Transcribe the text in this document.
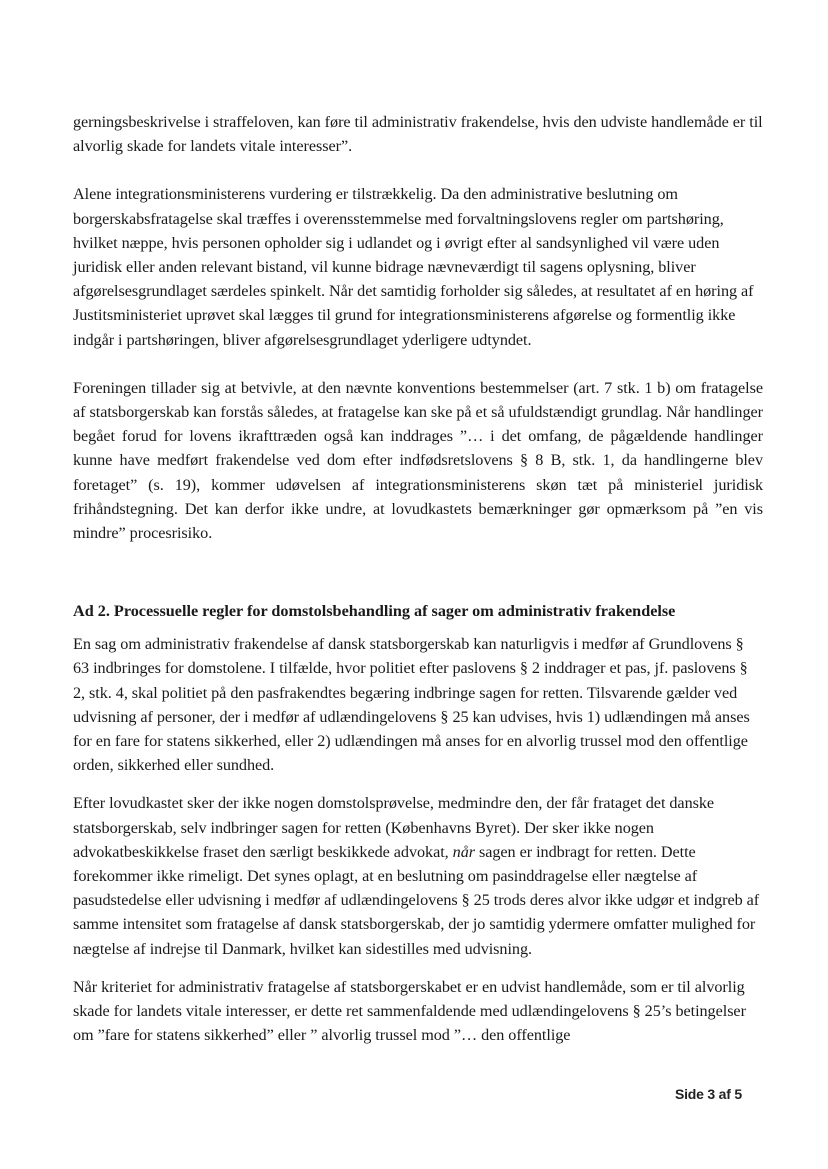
gerningsbeskrivelse i straffeloven, kan føre til administrativ frakendelse, hvis den udviste handlemåde er til alvorlig skade for landets vitale interesser”.

Alene integrationsministerens vurdering er tilstrækkelig. Da den administrative beslutning om borgerskabsfratagelse skal træffes i overensstemmelse med forvaltningslovens regler om partshøring, hvilket næppe, hvis personen opholder sig i udlandet og i øvrigt efter al sandsynlighed vil være uden juridisk eller anden relevant bistand, vil kunne bidrage nævneværdigt til sagens oplysning, bliver afgørelsesgrundlaget særdeles spinkelt. Når det samtidig forholder sig således, at resultatet af en høring af Justitsministeriet uprøvet skal lægges til grund for integrationsministerens afgørelse og formentlig ikke indgår i partshøringen, bliver afgørelsesgrundlaget yderligere udtyndet.

Foreningen tillader sig at betvivle, at den nævnte konventions bestemmelser (art. 7 stk. 1 b) om fratagelse af statsborgerskab kan forstås således, at fratagelse kan ske på et så ufuldstændigt grundlag. Når handlinger begået forud for lovens ikrafttræden også kan inddrages ”… i det omfang, de pågældende handlinger kunne have medført frakendelse ved dom efter indfødsretslovens § 8 B, stk. 1, da handlingerne blev foretaget” (s. 19), kommer udøvelsen af integrationsministerens skøn tæt på ministeriel juridisk frihåndstegning. Det kan derfor ikke undre, at lovudkastets bemærkninger gør opmærksom på ”en vis mindre” procesrisiko.

Ad 2. Processuelle regler for domstolsbehandling af sager om administrativ frakendelse

En sag om administrativ frakendelse af dansk statsborgerskab kan naturligvis i medfør af Grundlovens § 63 indbringes for domstolene. I tilfælde, hvor politiet efter paslovens § 2 inddrager et pas, jf. paslovens § 2, stk. 4, skal politiet på den pasfrakendtes begæring indbringe sagen for retten. Tilsvarende gælder ved udvisning af personer, der i medfør af udlændingelovens § 25 kan udvises, hvis 1) udlændingen må anses for en fare for statens sikkerhed, eller 2) udlændingen må anses for en alvorlig trussel mod den offentlige orden, sikkerhed eller sundhed.

Efter lovudkastet sker der ikke nogen domstolsprøvelse, medmindre den, der får frataget det danske statsborgerskab, selv indbringer sagen for retten (Københavns Byret). Der sker ikke nogen advokatbeskikkelse fraset den særligt beskikkede advokat, når sagen er indbragt for retten. Dette forekommer ikke rimeligt. Det synes oplagt, at en beslutning om pasinddragelse eller nægtelse af pasudstedelse eller udvisning i medfør af udlændingelovens § 25 trods deres alvor ikke udgør et indgreb af samme intensitet som fratagelse af dansk statsborgerskab, der jo samtidig ydermere omfatter mulighed for nægtelse af indrejse til Danmark, hvilket kan sidestilles med udvisning.

Når kriteriet for administrativ fratagelse af statsborgerskabet er en udvist handlemåde, som er til alvorlig skade for landets vitale interesser, er dette ret sammenfaldende med udlændingelovens § 25’s betingelser om ”fare for statens sikkerhed” eller ” alvorlig trussel mod ”… den offentlige

Side 3 af 5
